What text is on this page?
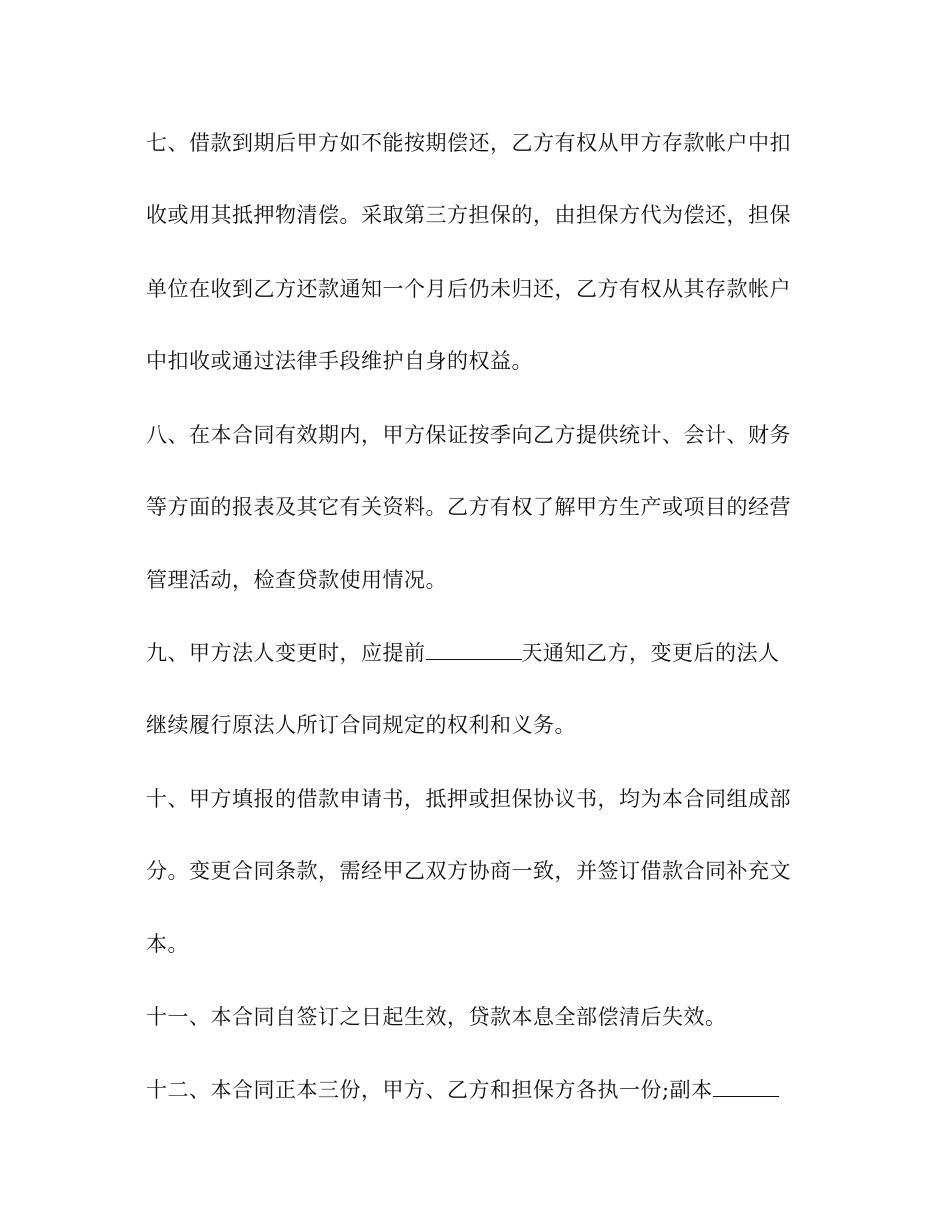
七、借款到期后甲方如不能按期偿还，乙方有权从甲方存款帐户中扣
收或用其抵押物清偿。采取第三方担保的，由担保方代为偿还，担保
单位在收到乙方还款通知一个月后仍未归还，乙方有权从其存款帐户
中扣收或通过法律手段维护自身的权益。
八、在本合同有效期内，甲方保证按季向乙方提供统计、会计、财务
等方面的报表及其它有关资料。乙方有权了解甲方生产或项目的经营
管理活动，检查贷款使用情况。
九、甲方法人变更时，应提前	天通知乙方，变更后的法人
继续履行原法人所订合同规定的权利和义务。
十、甲方填报的借款申请书，抵押或担保协议书，均为本合同组成部
分。变更合同条款，需经甲乙双方协商一致，并签订借款合同补充文
本。
十一、本合同自签订之日起生效，贷款本息全部偿清后失效。
十二、本合同正本三份，甲方、乙方和担保方各执一份;副本
